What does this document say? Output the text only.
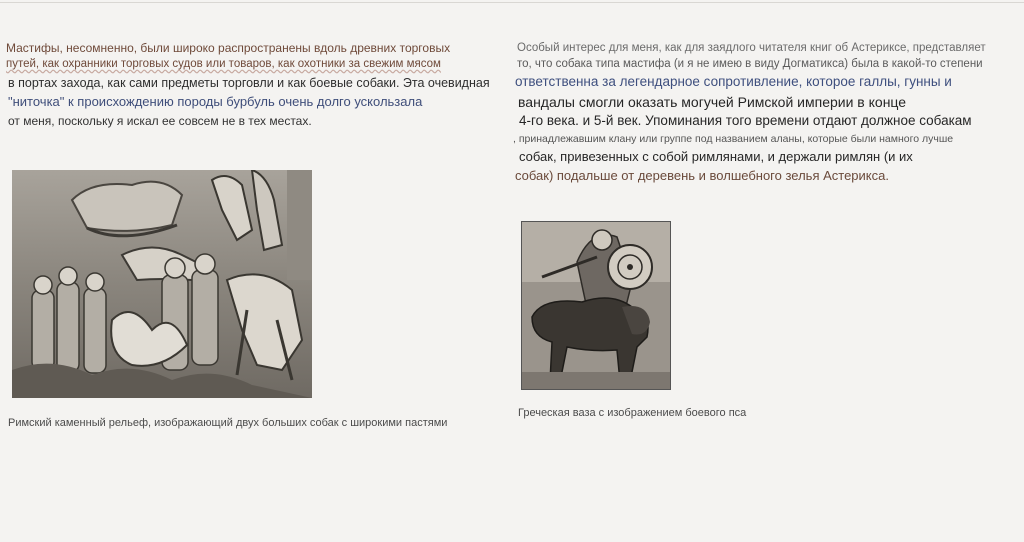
Мастифы, несомненно, были широко распространены вдоль древних торговых
путей, как охранники торговых судов или товаров, как охотники за свежим мясом
в портах захода, как сами предметы торговли и как боевые собаки. Эта очевидная
"ниточка" к происхождению породы бурбуль очень долго ускользала
от меня, поскольку я искал ее совсем не в тех местах.
Особый интерес для меня, как для заядлого читателя книг об Астериксе, представляет
то, что собака типа мастифа (и я не имею в виду Догматикса) была в какой-то степени
ответственна за легендарное сопротивление, которое галлы, гунны и
вандалы смогли оказать могучей Римской империи в конце
4-го века. и 5-й век. Упоминания того времени отдают должное собакам
, принадлежавшим клану или группе под названием аланы, которые были намного лучше
собак, привезенных с собой римлянами, и держали римлян (и их
собак) подальше от деревень и волшебного зелья Астерикса.
Римский каменный рельеф, изображающий двух больших собак с широкими пастями
Греческая ваза с изображением боевого пса
